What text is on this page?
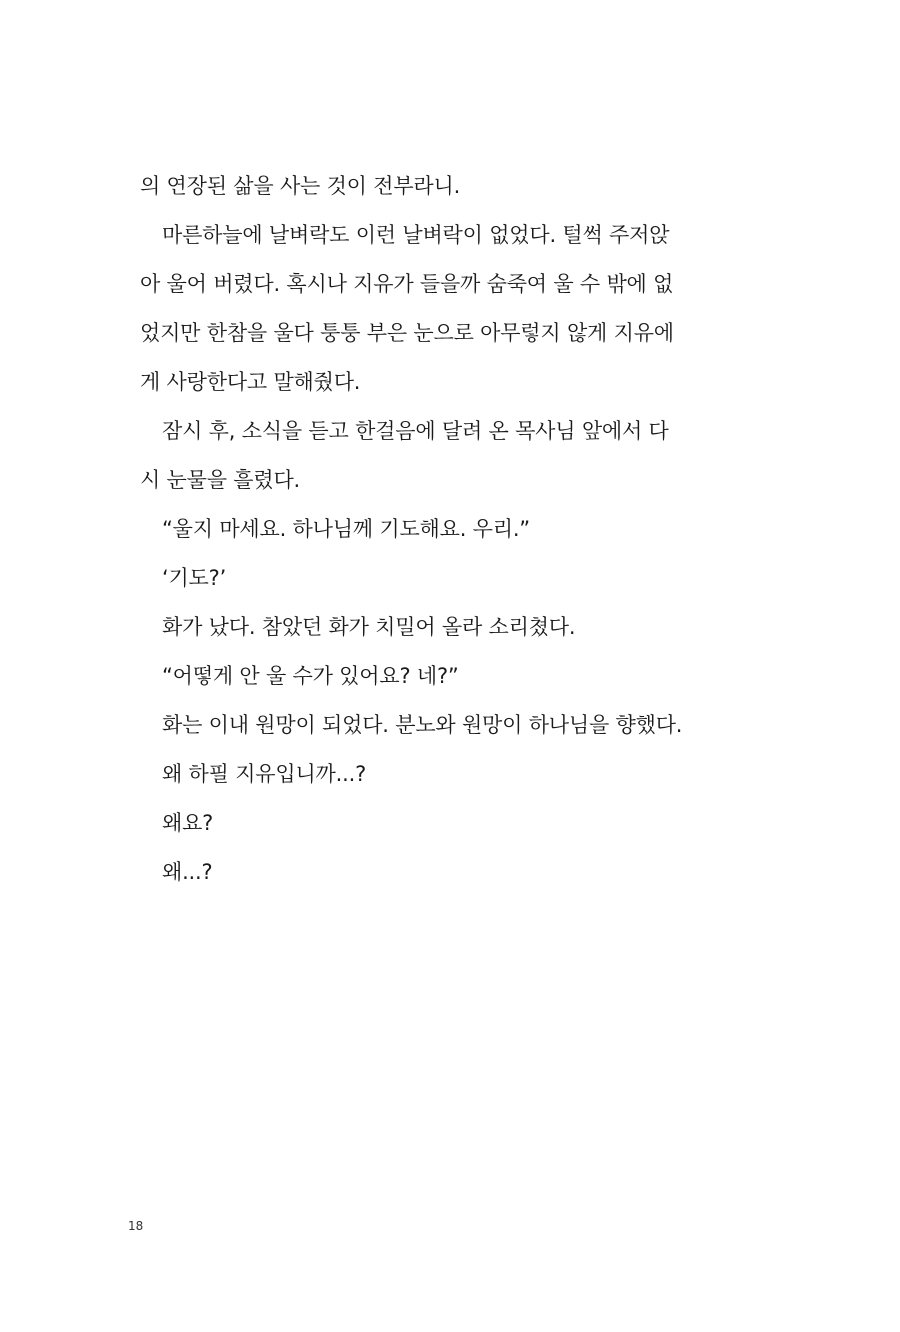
의 연장된 삶을 사는 것이 전부라니.
마른하늘에 날벼락도 이런 날벼락이 없었다. 털썩 주저앉
아 울어 버렸다. 혹시나 지유가 들을까 숨죽여 울 수 밖에 없
었지만 한참을 울다 퉁퉁 부은 눈으로 아무렇지 않게 지유에
게 사랑한다고 말해줬다.
잠시 후, 소식을 듣고 한걸음에 달려 온 목사님 앞에서 다
시 눈물을 흘렸다.
“울지 마세요. 하나님께 기도해요. 우리.”
‘기도?’
화가 났다. 참았던 화가 치밀어 올라 소리쳤다.
“어떻게 안 울 수가 있어요? 네?”
화는 이내 원망이 되었다. 분노와 원망이 하나님을 향했다.
왜 하필 지유입니까...?
왜요?
왜...?
18
